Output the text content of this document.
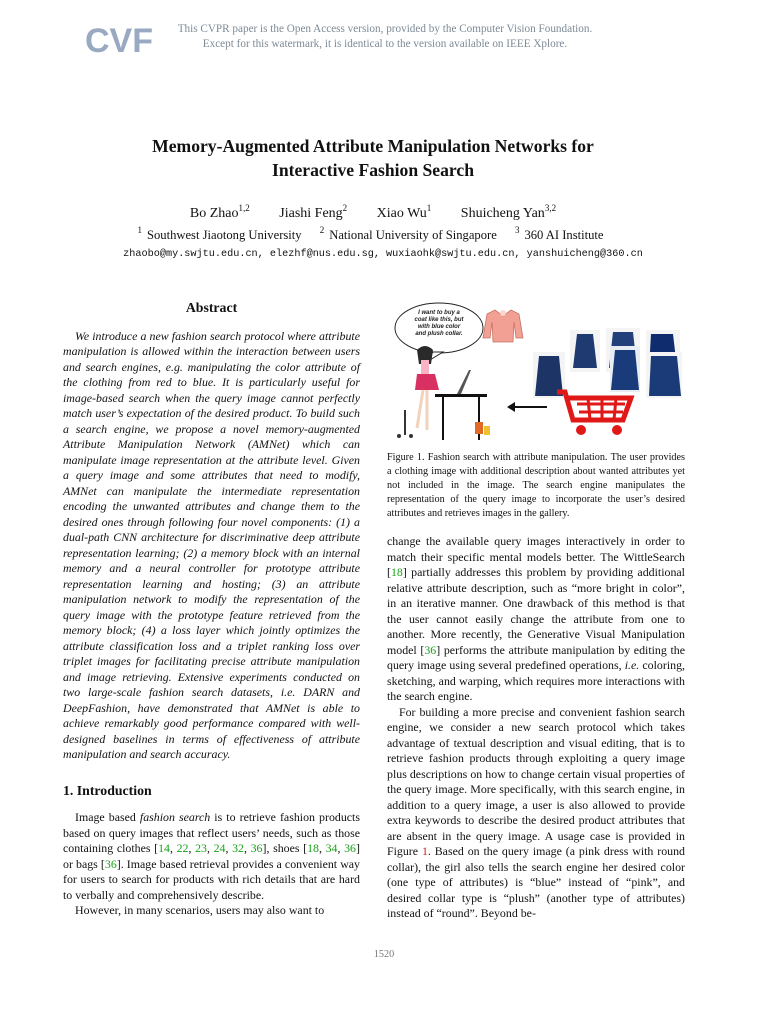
CVF	This CVPR paper is the Open Access version, provided by the Computer Vision Foundation.
Except for this watermark, it is identical to the version available on IEEE Xplore.
Memory-Augmented Attribute Manipulation Networks for
Interactive Fashion Search
Bo Zhao$^{1,2}$ Jiashi Feng$^2$ Xiao Wu$^1$ Shuicheng Yan$^{3,2}$
$^1$ Southwest Jiaotong University $^2$ National University of Singapore $^3$ 360 AI Institute
zhaobo@my.swjtu.edu.cn, elezhf@nus.edu.sg, wuxiaohk@swjtu.edu.cn, yanshuicheng@360.cn
Abstract

We introduce a new fashion search protocol where attribute manipulation is allowed within the interaction between users and search engines, e.g. manipulating the color attribute of the clothing from red to blue. It is particularly useful for image-based search when the query image cannot perfectly match user’s expectation of the desired product. To build such a search engine, we propose a novel memory-augmented Attribute Manipulation Network (AMNet) which can manipulate image representation at the attribute level. Given a query image and some attributes that need to modify, AMNet can manipulate the intermediate representation encoding the unwanted attributes and change them to the desired ones through following four novel components: (1) a dual-path CNN architecture for discriminative deep attribute representation learning; (2) a memory block with an internal memory and a neural controller for prototype attribute representation learning and hosting; (3) an attribute manipulation network to modify the representation of the query image with the prototype feature retrieved from the memory block; (4) a loss layer which jointly optimizes the attribute classification loss and a triplet ranking loss over triplet images for facilitating precise attribute manipulation and image retrieving. Extensive experiments conducted on two large-scale fashion search datasets, i.e. DARN and DeepFashion, have demonstrated that AMNet is able to achieve remarkably good performance compared with well-designed baselines in terms of effectiveness of attribute manipulation and search accuracy.

1. Introduction

Image based fashion search is to retrieve fashion products based on query images that reflect users’ needs, such as those containing clothes [14, 22, 23, 24, 32, 36], shoes [18, 34, 36] or bags [36]. Image based retrieval provides a convenient way for users to search for products with rich details that are hard to verbally and comprehensively describe.

However, in many scenarios, users may also want to

I want to buy a
coat like this, but
with blue color
and plush collar.
Figure 1. Fashion search with attribute manipulation. The user provides a clothing image with additional description about wanted attributes yet not included in the image. The search engine manipulates the representation of the query image to incorporate the user’s desired attributes and retrieves images in the gallery.

change the available query images interactively in order to match their specific mental models better. The WittleSearch [18] partially addresses this problem by providing additional relative attribute description, such as “more bright in color”, in an iterative manner. One drawback of this method is that the user cannot easily change the attribute from one to another. More recently, the Generative Visual Manipulation model [36] performs the attribute manipulation by editing the query image using several predefined operations, i.e. coloring, sketching, and warping, which requires more interactions with the search engine.

For building a more precise and convenient fashion search engine, we consider a new search protocol which takes advantage of textual description and visual editing, that is to retrieve fashion products through exploiting a query image plus descriptions on how to change certain visual properties of the query image. More specifically, with this search engine, in addition to a query image, a user is also allowed to provide extra keywords to describe the desired product attributes that are absent in the query image. A usage case is provided in Figure 1. Based on the query image (a pink dress with round collar), the girl also tells the search engine her desired color (one type of attributes) is “blue” instead of “pink”, and desired collar type is “plush” (another type of attributes) instead of “round”. Beyond be-

1520
